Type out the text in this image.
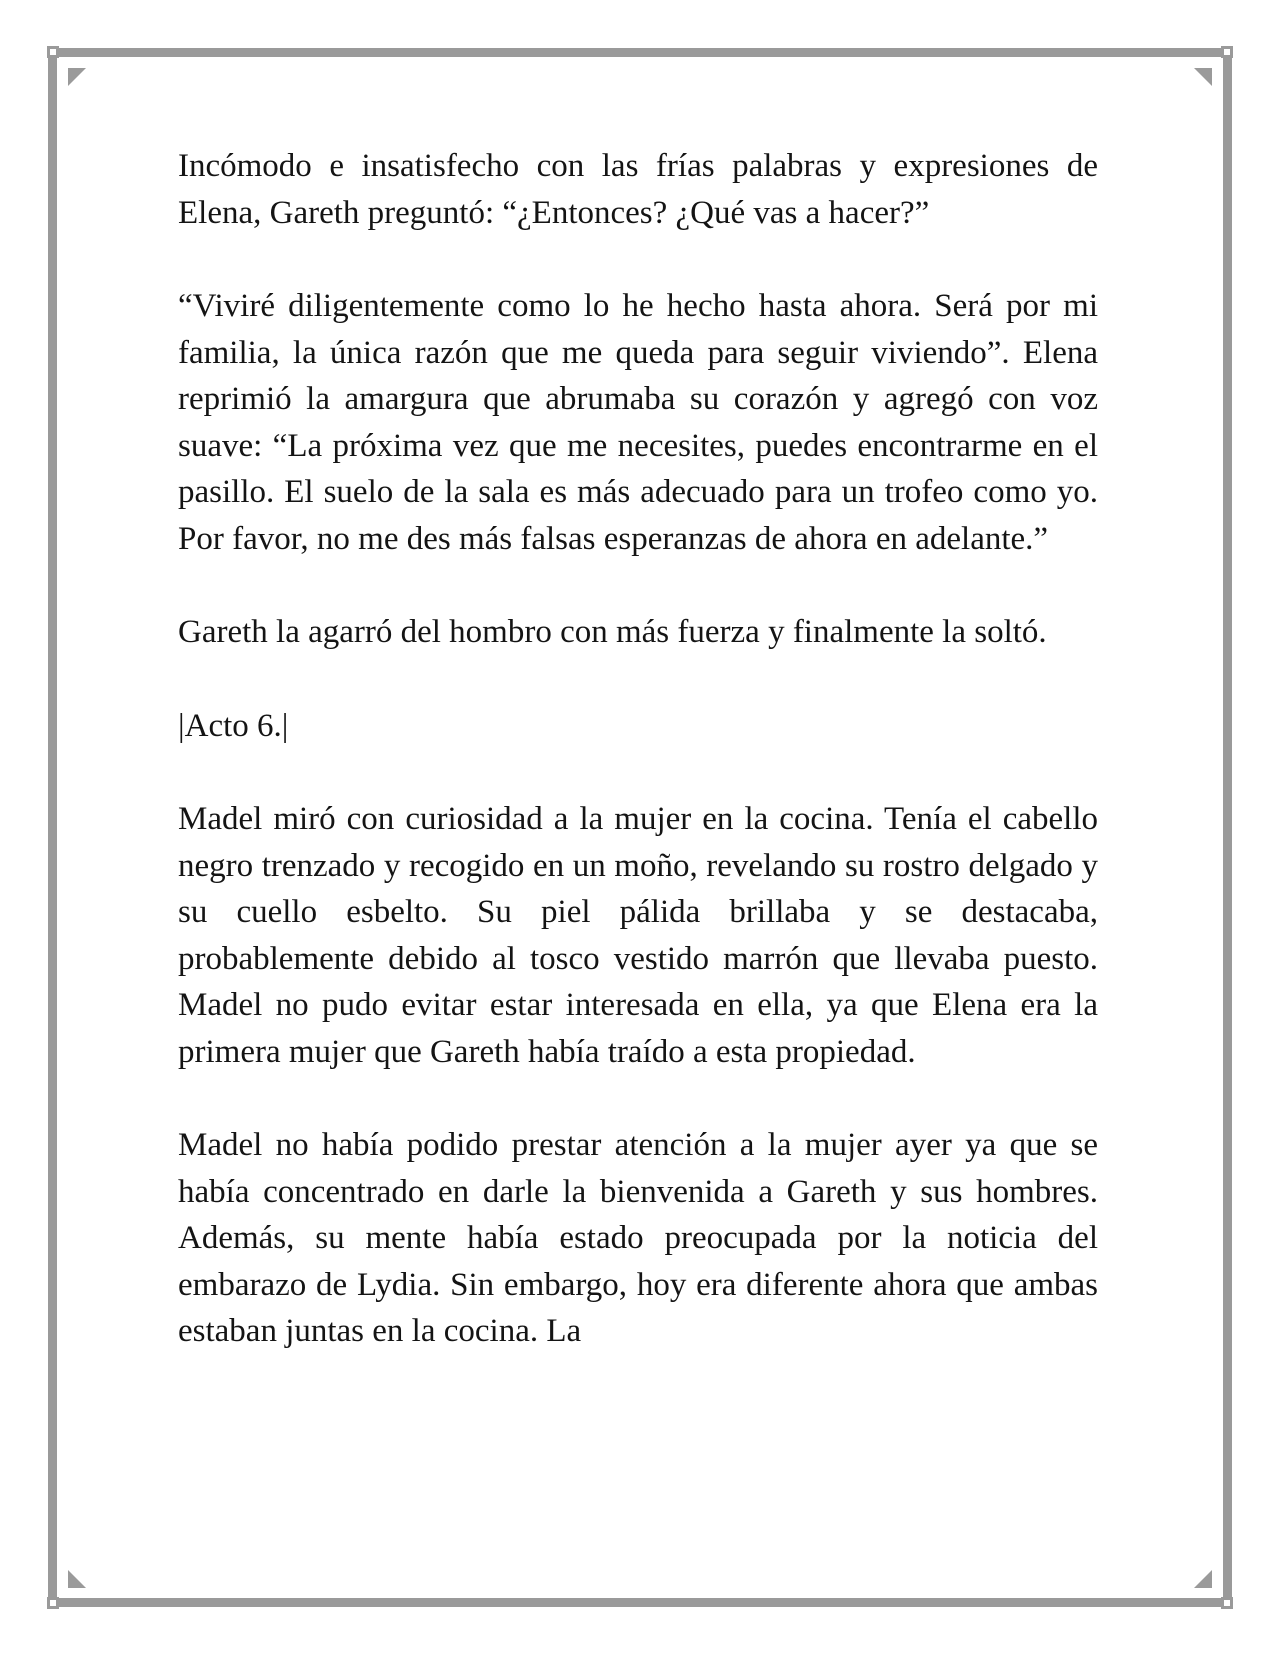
Incómodo e insatisfecho con las frías palabras y expresiones de Elena, Gareth preguntó: “¿Entonces? ¿Qué vas a hacer?”

“Viviré diligentemente como lo he hecho hasta ahora. Será por mi familia, la única razón que me queda para seguir viviendo”. Elena reprimió la amargura que abrumaba su corazón y agregó con voz suave: “La próxima vez que me necesites, puedes encontrarme en el pasillo. El suelo de la sala es más adecuado para un trofeo como yo. Por favor, no me des más falsas esperanzas de ahora en adelante.”

Gareth la agarró del hombro con más fuerza y finalmente la soltó.

|Acto 6.|

Madel miró con curiosidad a la mujer en la cocina. Tenía el cabello negro trenzado y recogido en un moño, revelando su rostro delgado y su cuello esbelto. Su piel pálida brillaba y se destacaba, probablemente debido al tosco vestido marrón que llevaba puesto. Madel no pudo evitar estar interesada en ella, ya que Elena era la primera mujer que Gareth había traído a esta propiedad.

Madel no había podido prestar atención a la mujer ayer ya que se había concentrado en darle la bienvenida a Gareth y sus hombres. Además, su mente había estado preocupada por la noticia del embarazo de Lydia. Sin embargo, hoy era diferente ahora que ambas estaban juntas en la cocina. La
